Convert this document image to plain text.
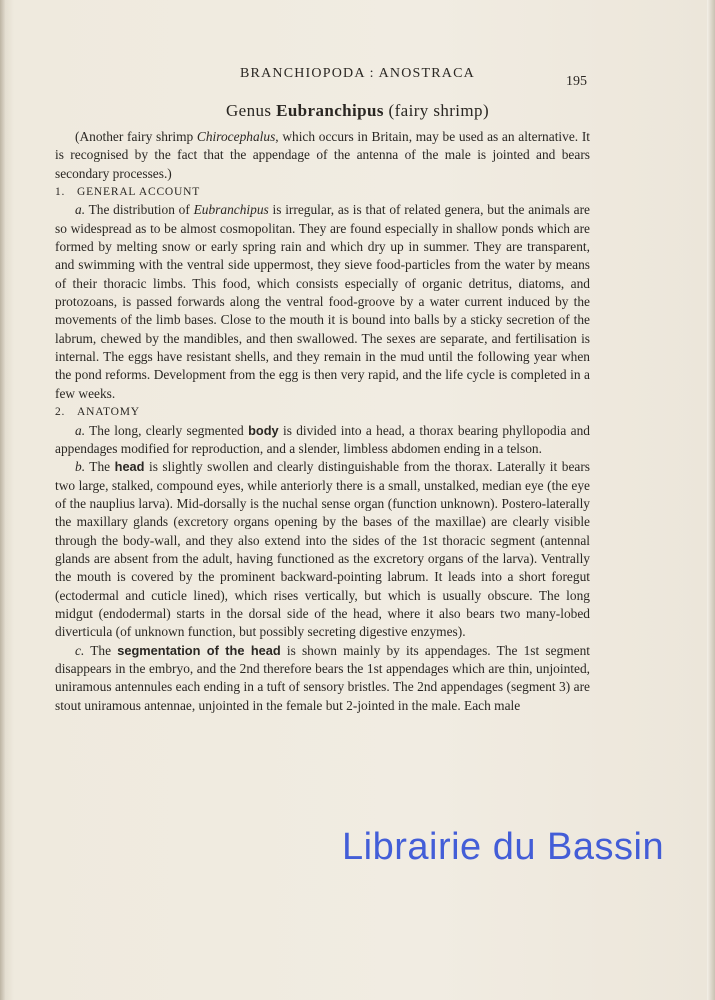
BRANCHIOPODA : ANOSTRACA
195
Genus Eubranchipus (fairy shrimp)

(Another fairy shrimp Chirocephalus, which occurs in Britain, may be used as an alternative. It is recognised by the fact that the appendage of the antenna of the male is jointed and bears secondary processes.)

1. GENERAL ACCOUNT

a. The distribution of Eubranchipus is irregular, as is that of related genera, but the animals are so widespread as to be almost cosmopolitan. They are found especially in shallow ponds which are formed by melting snow or early spring rain and which dry up in summer. They are transparent, and swimming with the ventral side uppermost, they sieve food-particles from the water by means of their thoracic limbs. This food, which consists especially of organic detritus, diatoms, and protozoans, is passed forwards along the ventral food-groove by a water current induced by the movements of the limb bases. Close to the mouth it is bound into balls by a sticky secretion of the labrum, chewed by the mandibles, and then swallowed. The sexes are separate, and fertilisation is internal. The eggs have resistant shells, and they remain in the mud until the following year when the pond reforms. Development from the egg is then very rapid, and the life cycle is completed in a few weeks.

2. ANATOMY

a. The long, clearly segmented body is divided into a head, a thorax bearing phyllopodia and appendages modified for reproduction, and a slender, limbless abdomen ending in a telson.

b. The head is slightly swollen and clearly distinguishable from the thorax. Laterally it bears two large, stalked, compound eyes, while anteriorly there is a small, unstalked, median eye (the eye of the nauplius larva). Mid-dorsally is the nuchal sense organ (function unknown). Postero-laterally the maxillary glands (excretory organs opening by the bases of the maxillae) are clearly visible through the body-wall, and they also extend into the sides of the 1st thoracic segment (antennal glands are absent from the adult, having functioned as the excretory organs of the larva). Ventrally the mouth is covered by the prominent backward-pointing labrum. It leads into a short foregut (ectodermal and cuticle lined), which rises vertically, but which is usually obscure. The long midgut (endodermal) starts in the dorsal side of the head, where it also bears two many-lobed diverticula (of unknown function, but possibly secreting digestive enzymes).

c. The segmentation of the head is shown mainly by its appendages. The 1st segment disappears in the embryo, and the 2nd therefore bears the 1st appendages which are thin, unjointed, uniramous antennules each ending in a tuft of sensory bristles. The 2nd appendages (segment 3) are stout uniramous antennae, unjointed in the female but 2-jointed in the male. Each male

Librairie du Bassin
